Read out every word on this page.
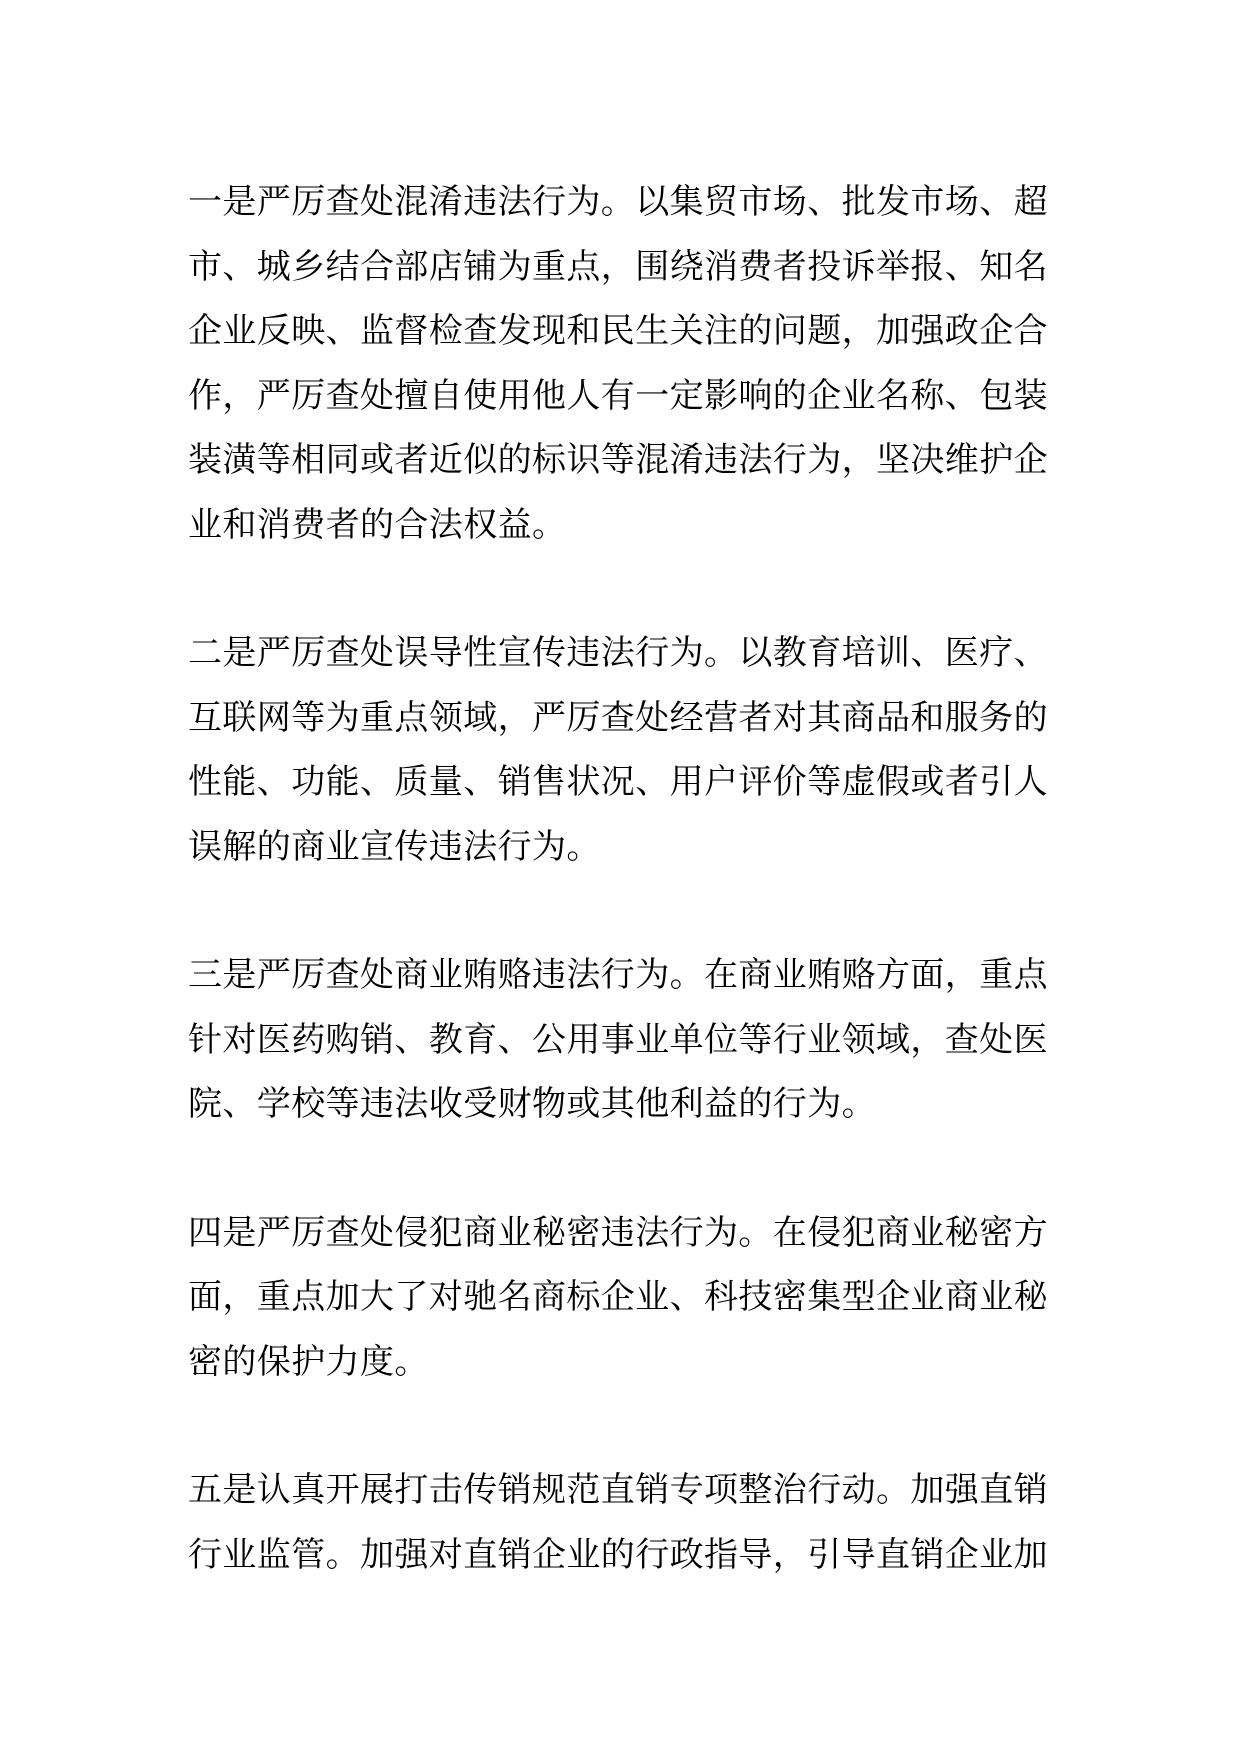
一是严厉查处混淆违法行为。以集贸市场、批发市场、超
市、城乡结合部店铺为重点，围绕消费者投诉举报、知名
企业反映、监督检查发现和民生关注的问题，加强政企合
作，严厉查处擅自使用他人有一定影响的企业名称、包装
装潢等相同或者近似的标识等混淆违法行为，坚决维护企
业和消费者的合法权益。

二是严厉查处误导性宣传违法行为。以教育培训、医疗、
互联网等为重点领域，严厉查处经营者对其商品和服务的
性能、功能、质量、销售状况、用户评价等虚假或者引人
误解的商业宣传违法行为。

三是严厉查处商业贿赂违法行为。在商业贿赂方面，重点
针对医药购销、教育、公用事业单位等行业领域，查处医
院、学校等违法收受财物或其他利益的行为。

四是严厉查处侵犯商业秘密违法行为。在侵犯商业秘密方
面，重点加大了对驰名商标企业、科技密集型企业商业秘
密的保护力度。

五是认真开展打击传销规范直销专项整治行动。加强直销
行业监管。加强对直销企业的行政指导，引导直销企业加
